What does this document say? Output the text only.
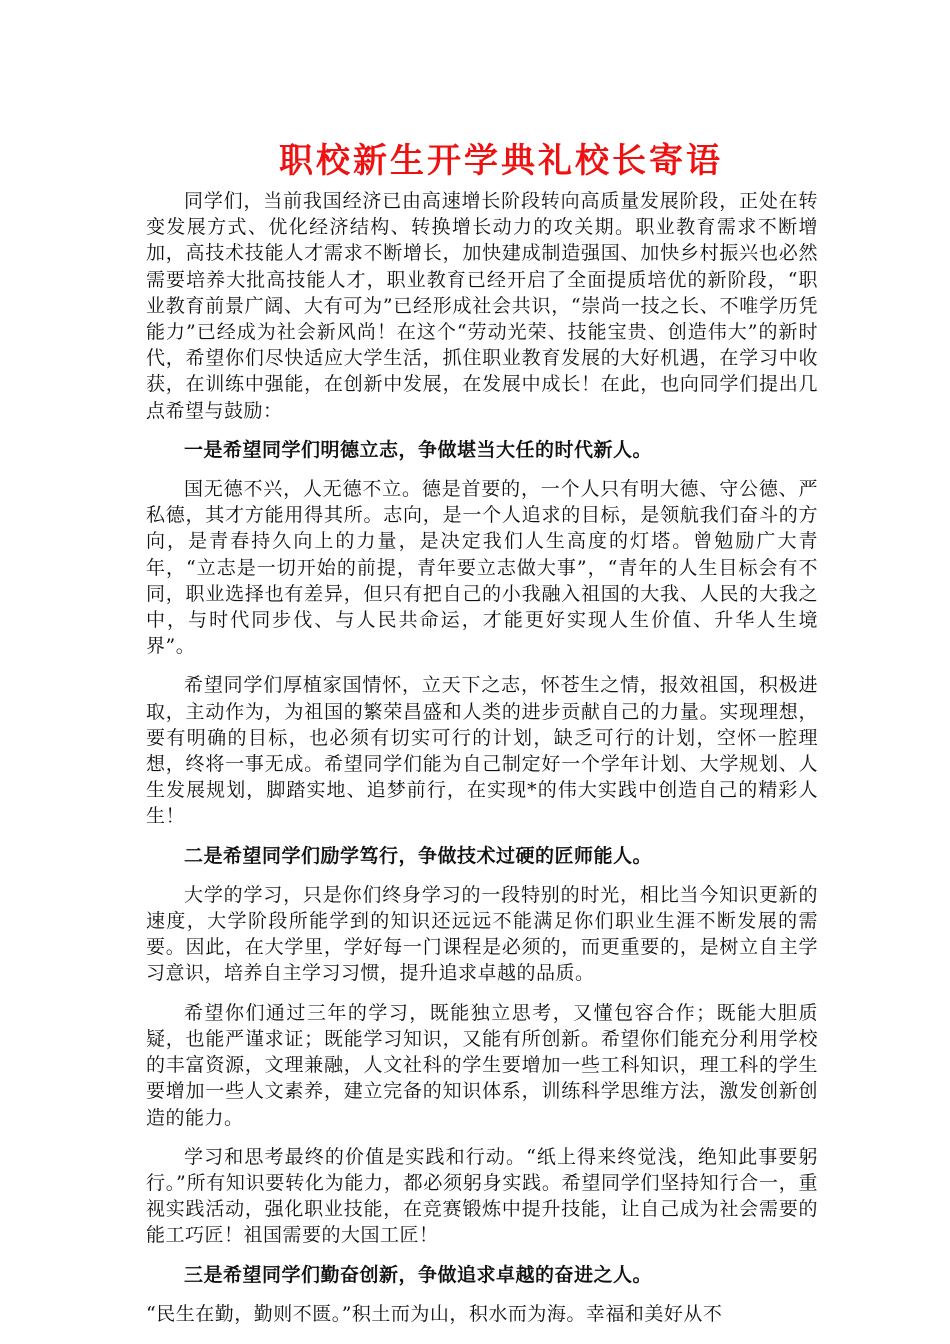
职校新生开学典礼校长寄语

同学们，当前我国经济已由高速增长阶段转向高质量发展阶段，正处在转变发展方式、优化经济结构、转换增长动力的攻关期。职业教育需求不断增加，高技术技能人才需求不断增长，加快建成制造强国、加快乡村振兴也必然需要培养大批高技能人才，职业教育已经开启了全面提质培优的新阶段，“职业教育前景广阔、大有可为”已经形成社会共识，“崇尚一技之长、不唯学历凭能力”已经成为社会新风尚！在这个“劳动光荣、技能宝贵、创造伟大”的新时代，希望你们尽快适应大学生活，抓住职业教育发展的大好机遇，在学习中收获，在训练中强能，在创新中发展，在发展中成长！在此，也向同学们提出几点希望与鼓励：

一是希望同学们明德立志，争做堪当大任的时代新人。

国无德不兴，人无德不立。德是首要的，一个人只有明大德、守公德、严私德，其才方能用得其所。志向，是一个人追求的目标，是领航我们奋斗的方向，是青春持久向上的力量，是决定我们人生高度的灯塔。曾勉励广大青年，“立志是一切开始的前提，青年要立志做大事”，“青年的人生目标会有不同，职业选择也有差异，但只有把自己的小我融入祖国的大我、人民的大我之中，与时代同步伐、与人民共命运，才能更好实现人生价值、升华人生境界”。

希望同学们厚植家国情怀，立天下之志，怀苍生之情，报效祖国，积极进取，主动作为，为祖国的繁荣昌盛和人类的进步贡献自己的力量。实现理想，要有明确的目标，也必须有切实可行的计划，缺乏可行的计划，空怀一腔理想，终将一事无成。希望同学们能为自己制定好一个学年计划、大学规划、人生发展规划，脚踏实地、追梦前行，在实现*的伟大实践中创造自己的精彩人生！

二是希望同学们励学笃行，争做技术过硬的匠师能人。

大学的学习，只是你们终身学习的一段特别的时光，相比当今知识更新的速度，大学阶段所能学到的知识还远远不能满足你们职业生涯不断发展的需要。因此，在大学里，学好每一门课程是必须的，而更重要的，是树立自主学习意识，培养自主学习习惯，提升追求卓越的品质。

希望你们通过三年的学习，既能独立思考，又懂包容合作；既能大胆质疑，也能严谨求证；既能学习知识，又能有所创新。希望你们能充分利用学校的丰富资源，文理兼融，人文社科的学生要增加一些工科知识，理工科的学生要增加一些人文素养，建立完备的知识体系，训练科学思维方法，激发创新创造的能力。

学习和思考最终的价值是实践和行动。“纸上得来终觉浅，绝知此事要躬行。”所有知识要转化为能力，都必须躬身实践。希望同学们坚持知行合一，重视实践活动，强化职业技能，在竞赛锻炼中提升技能，让自己成为社会需要的能工巧匠！祖国需要的大国工匠！

三是希望同学们勤奋创新，争做追求卓越的奋进之人。

“民生在勤，勤则不匮。”积土而为山，积水而为海。幸福和美好从不
